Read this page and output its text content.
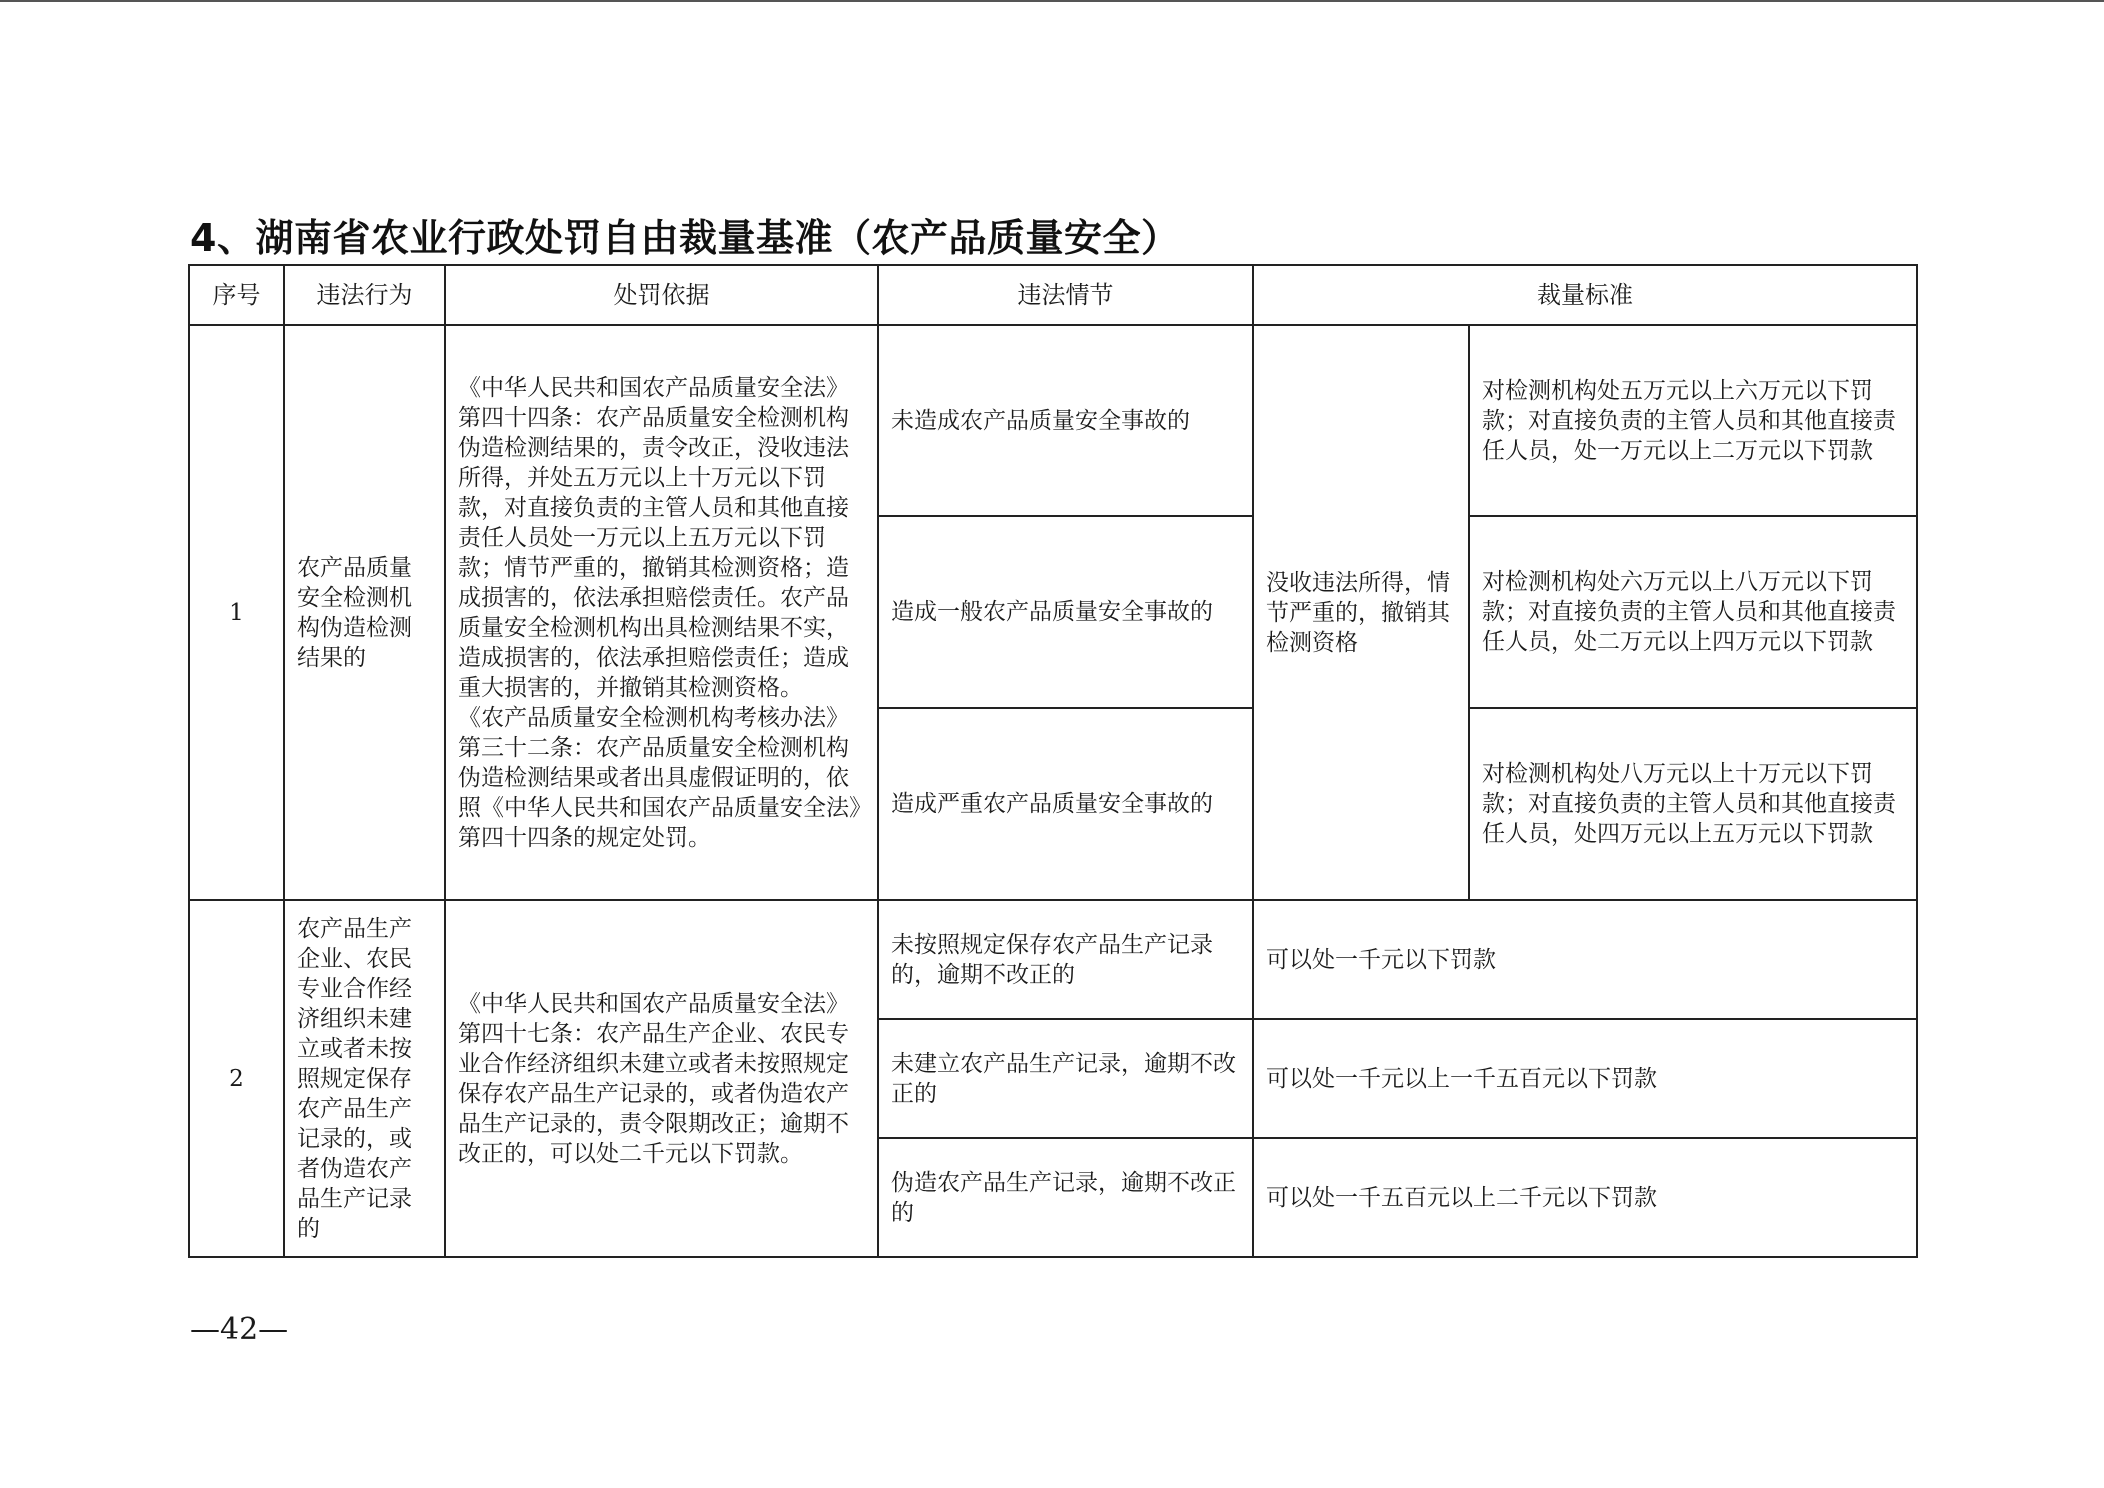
4、湖南省农业行政处罚自由裁量基准（农产品质量安全）
序号	违法行为	处罚依据	违法情节	裁量标准	
1	农产品质量安全检测机构伪造检测结果的	《中华人民共和国农产品质量安全法》第四十四条：农产品质量安全检测机构伪造检测结果的，责令改正，没收违法所得，并处五万元以上十万元以下罚款，对直接负责的主管人员和其他直接责任人员处一万元以上五万元以下罚款；情节严重的，撤销其检测资格；造成损害的，依法承担赔偿责任。农产品质量安全检测机构出具检测结果不实，造成损害的，依法承担赔偿责任；造成重大损害的，并撤销其检测资格。
《农产品质量安全检测机构考核办法》第三十二条：农产品质量安全检测机构伪造检测结果或者出具虚假证明的，依照《中华人民共和国农产品质量安全法》第四十四条的规定处罚。	未造成农产品质量安全事故的	没收违法所得，情节严重的，撤销其检测资格	对检测机构处五万元以上六万元以下罚款；对直接负责的主管人员和其他直接责任人员，处一万元以上二万元以下罚款
			造成一般农产品质量安全事故的		对检测机构处六万元以上八万元以下罚款；对直接负责的主管人员和其他直接责任人员，处二万元以上四万元以下罚款
			造成严重农产品质量安全事故的		对检测机构处八万元以上十万元以下罚款；对直接负责的主管人员和其他直接责任人员，处四万元以上五万元以下罚款
2	农产品生产企业、农民专业合作经济组织未建立或者未按照规定保存农产品生产记录的，或者伪造农产品生产记录的	《中华人民共和国农产品质量安全法》第四十七条：农产品生产企业、农民专业合作经济组织未建立或者未按照规定保存农产品生产记录的，或者伪造农产品生产记录的，责令限期改正；逾期不改正的，可以处二千元以下罚款。	未按照规定保存农产品生产记录的，逾期不改正的	可以处一千元以下罚款	
			未建立农产品生产记录，逾期不改正的	可以处一千元以上一千五百元以下罚款	
			伪造农产品生产记录，逾期不改正的	可以处一千五百元以上二千元以下罚款	
—42—
